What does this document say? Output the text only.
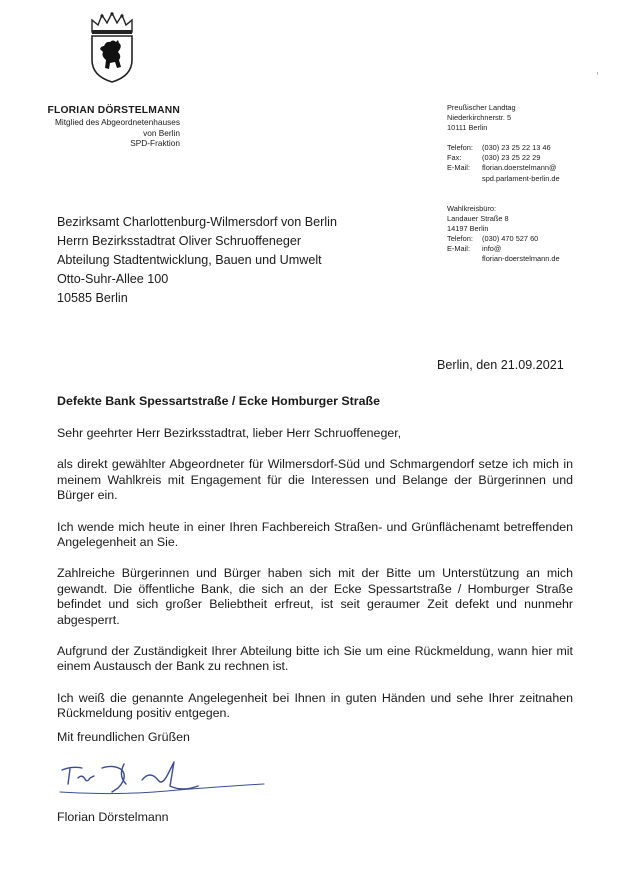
FLORIAN DÖRSTELMANN
Mitglied des Abgeordnetenhauses
von Berlin
SPD-Fraktion
Preußischer Landtag
Niederkirchnerstr. 5
10111 Berlin
Telefon:	(030) 23 25 22 13 46
Fax:	(030) 23 25 22 29
E-Mail:	florian.doerstelmann@
spd.parlament-berlin.de
Wahlkreisbüro:
Landauer Straße 8
14197 Berlin
Telefon:	(030) 470 527 60
E-Mail:	info@
florian-doerstelmann.de
Bezirksamt Charlottenburg-Wilmersdorf von Berlin
Herrn Bezirksstadtrat Oliver Schruoffeneger
Abteilung Stadtentwicklung, Bauen und Umwelt
Otto-Suhr-Allee 100
10585 Berlin
Berlin, den 21.09.2021
Defekte Bank Spessartstraße / Ecke Homburger Straße

Sehr geehrter Herr Bezirksstadtrat, lieber Herr Schruoffeneger,

als direkt gewählter Abgeordneter für Wilmersdorf-Süd und Schmargendorf setze ich mich in meinem Wahlkreis mit Engagement für die Interessen und Belange der Bürgerinnen und Bürger ein.

Ich wende mich heute in einer Ihren Fachbereich Straßen- und Grünflächenamt betreffenden Angelegenheit an Sie.

Zahlreiche Bürgerinnen und Bürger haben sich mit der Bitte um Unterstützung an mich gewandt. Die öffentliche Bank, die sich an der Ecke Spessartstraße / Homburger Straße befindet und sich großer Beliebtheit erfreut, ist seit geraumer Zeit defekt und nunmehr abgesperrt.

Aufgrund der Zuständigkeit Ihrer Abteilung bitte ich Sie um eine Rückmeldung, wann hier mit einem Austausch der Bank zu rechnen ist.

Ich weiß die genannte Angelegenheit bei Ihnen in guten Händen und sehe Ihrer zeitnahen Rückmeldung positiv entgegen.

Mit freundlichen Grüßen
Florian Dörstelmann
